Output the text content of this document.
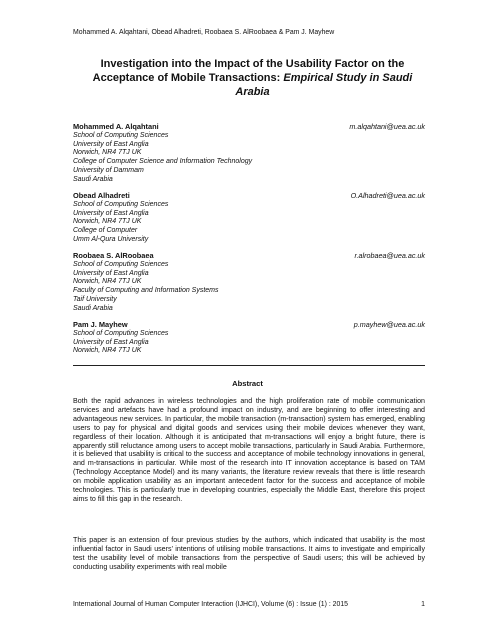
Mohammed A. Alqahtani, Obead Alhadreti, Roobaea S. AlRoobaea & Pam J. Mayhew
Investigation into the Impact of the Usability Factor on the
Acceptance of Mobile Transactions: Empirical Study in Saudi
Arabia
Mohammed A. Alqahtani	m.alqahtani@uea.ac.uk
School of Computing Sciences
University of East Anglia
Norwich, NR4 7TJ UK
College of Computer Science and Information Technology
University of Dammam
Saudi Arabia
Obead Alhadreti	O.Alhadreti@uea.ac.uk
School of Computing Sciences
University of East Anglia
Norwich, NR4 7TJ UK
College of Computer
Umm Al-Qura University
Roobaea S. AlRoobaea	r.alrobaea@uea.ac.uk
School of Computing Sciences
University of East Anglia
Norwich, NR4 7TJ UK
Faculty of Computing and Information Systems
Taif University
Saudi Arabia
Pam J. Mayhew	p.mayhew@uea.ac.uk
School of Computing Sciences
University of East Anglia
Norwich, NR4 7TJ UK
Abstract
Both the rapid advances in wireless technologies and the high proliferation rate of mobile communication services and artefacts have had a profound impact on industry, and are beginning to offer interesting and advantageous new services. In particular, the mobile transaction (m-transaction) system has emerged, enabling users to pay for physical and digital goods and services using their mobile devices whenever they want, regardless of their location. Although it is anticipated that m-transactions will enjoy a bright future, there is apparently still reluctance among users to accept mobile transactions, particularly in Saudi Arabia. Furthermore, it is believed that usability is critical to the success and acceptance of mobile technology innovations in general, and m-transactions in particular. While most of the research into IT innovation acceptance is based on TAM (Technology Acceptance Model) and its many variants, the literature review reveals that there is little research on mobile application usability as an important antecedent factor for the success and acceptance of mobile technologies. This is particularly true in developing countries, especially the Middle East, therefore this project aims to fill this gap in the research.
This paper is an extension of four previous studies by the authors, which indicated that usability is the most influential factor in Saudi users’ intentions of utilising mobile transactions. It aims to investigate and empirically test the usability level of mobile transactions from the perspective of Saudi users; this will be achieved by conducting usability experiments with real mobile
International Journal of Human Computer Interaction (IJHCI), Volume (6) : Issue (1) : 2015	1
